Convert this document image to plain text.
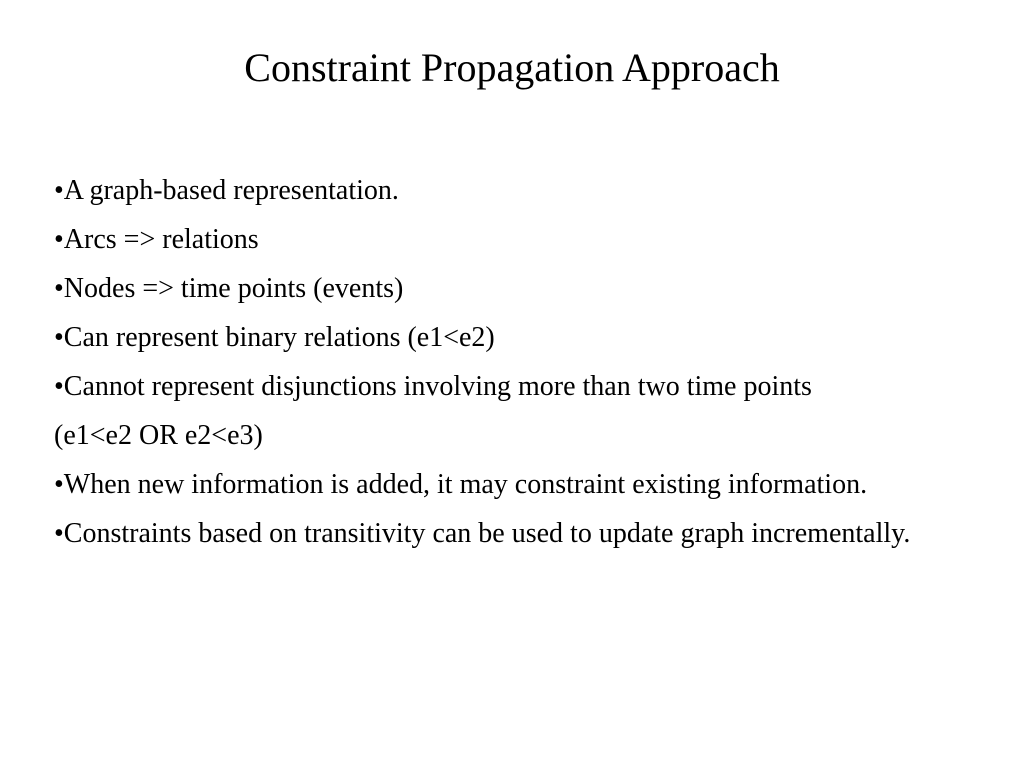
Constraint Propagation Approach
•A graph-based representation.
•Arcs => relations
•Nodes => time points (events)
•Can represent binary relations (e1<e2)
•Cannot represent disjunctions involving more than two time points
(e1<e2 OR e2<e3)
•When new information is added, it may constraint existing information.
•Constraints based on transitivity can be used to update graph incrementally.
